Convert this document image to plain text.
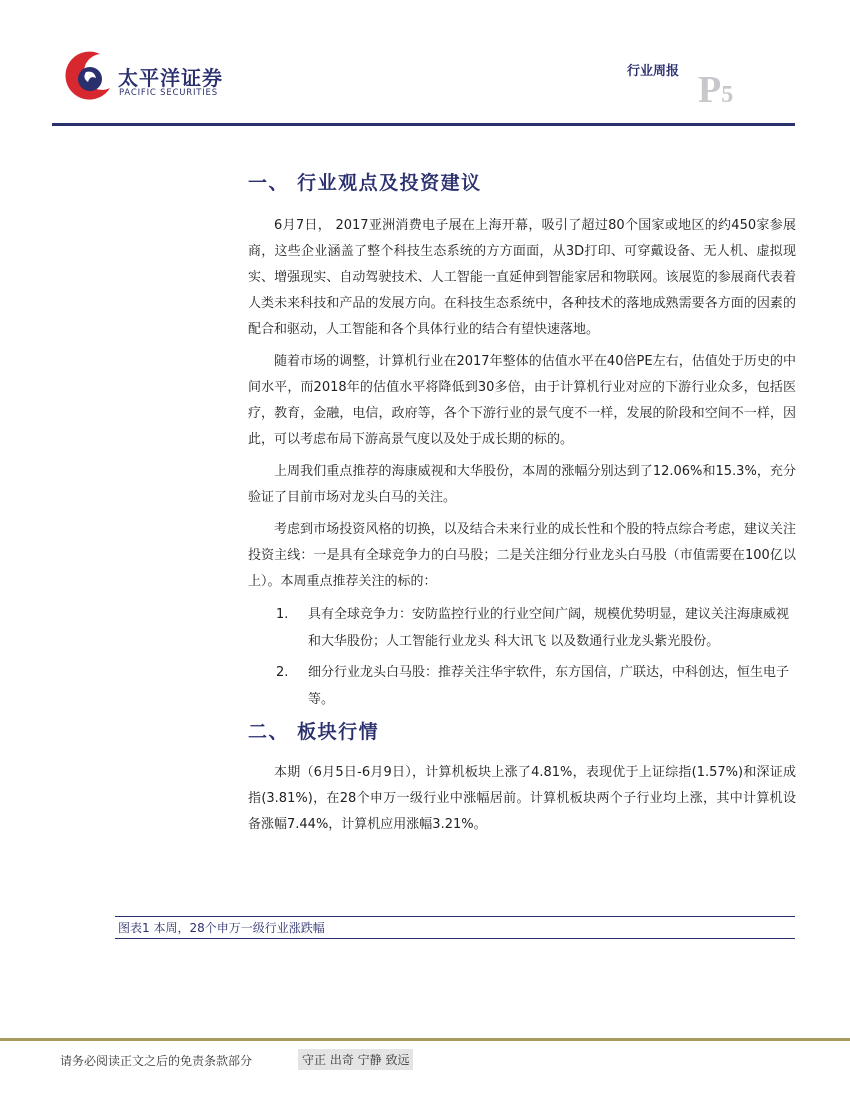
太平洋证券
PACIFIC SECURITIES
行业周报 P5
一、 行业观点及投资建议

6月7日， 2017亚洲消费电子展在上海开幕，吸引了超过80个国家或地区的约450家参展商，这些企业涵盖了整个科技生态系统的方方面面，从3D打印、可穿戴设备、无人机、虚拟现实、增强现实、自动驾驶技术、人工智能一直延伸到智能家居和物联网。该展览的参展商代表着人类未来科技和产品的发展方向。在科技生态系统中，各种技术的落地成熟需要各方面的因素的配合和驱动，人工智能和各个具体行业的结合有望快速落地。

随着市场的调整，计算机行业在2017年整体的估值水平在40倍PE左右，估值处于历史的中间水平，而2018年的估值水平将降低到30多倍，由于计算机行业对应的下游行业众多，包括医疗，教育，金融，电信，政府等，各个下游行业的景气度不一样，发展的阶段和空间不一样，因此，可以考虑布局下游高景气度以及处于成长期的标的。

上周我们重点推荐的海康威视和大华股份，本周的涨幅分别达到了12.06%和15.3%，充分验证了目前市场对龙头白马的关注。

考虑到市场投资风格的切换，以及结合未来行业的成长性和个股的特点综合考虑，建议关注投资主线：一是具有全球竞争力的白马股；二是关注细分行业龙头白马股（市值需要在100亿以上）。本周重点推荐关注的标的：

1. 具有全球竞争力：安防监控行业的行业空间广阔，规模优势明显，建议关注海康威视和大华股份；人工智能行业龙头 科大讯飞 以及数通行业龙头紫光股份。
2. 细分行业龙头白马股：推荐关注华宇软件，东方国信，广联达，中科创达，恒生电子等。
二、 板块行情

本期（6月5日-6月9日），计算机板块上涨了4.81%，表现优于上证综指(1.57%)和深证成指(3.81%)，在28个申万一级行业中涨幅居前。计算机板块两个子行业均上涨，其中计算机设备涨幅7.44%，计算机应用涨幅3.21%。

图表1 本周，28个申万一级行业涨跌幅
请务必阅读正文之后的免责条款部分	守正 出奇 宁静 致远
